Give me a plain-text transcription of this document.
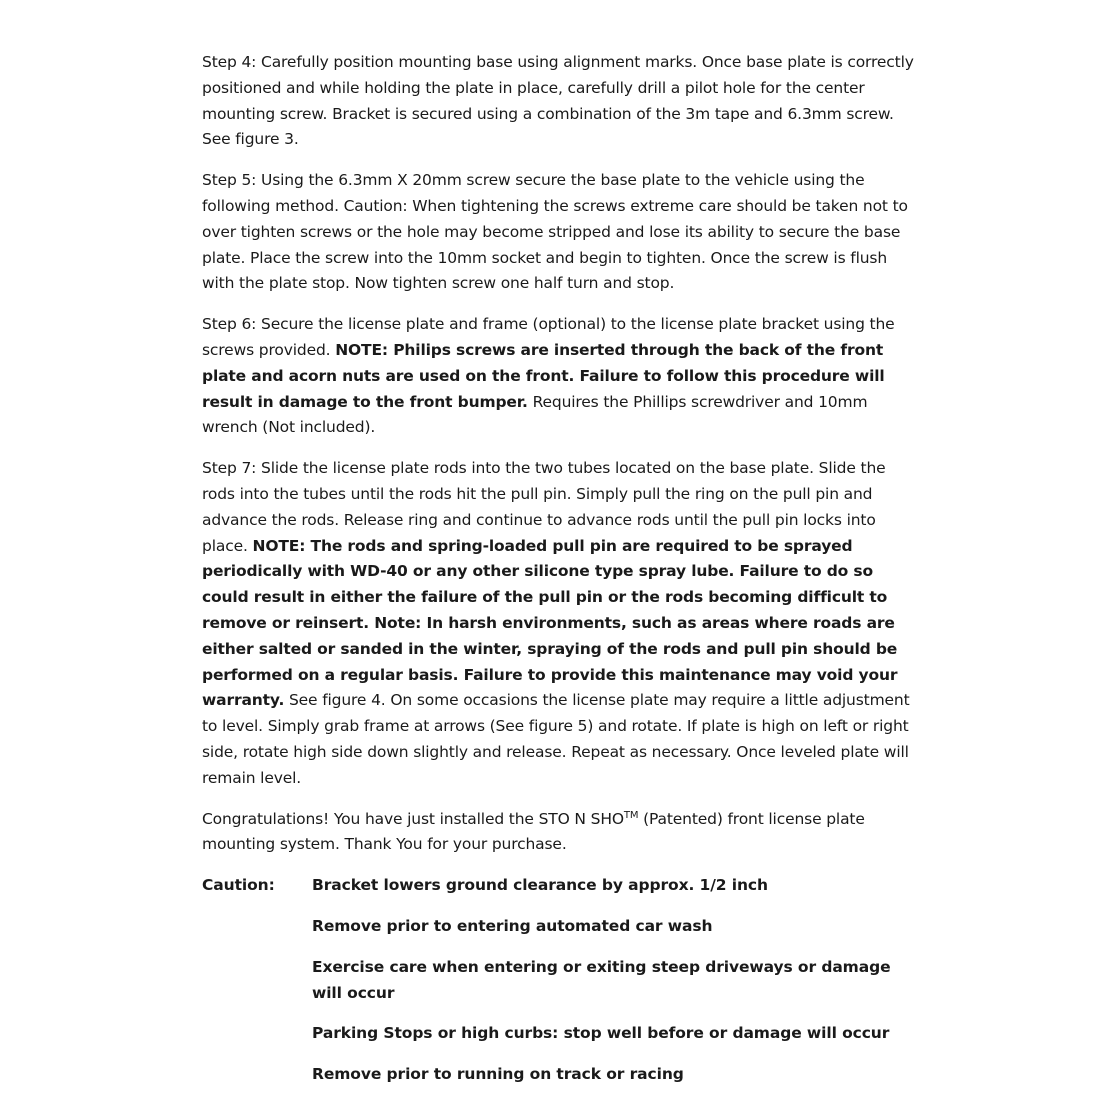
Step 4: Carefully position mounting base using alignment marks. Once base plate is correctly positioned and while holding the plate in place, carefully drill a pilot hole for the center mounting screw. Bracket is secured using a combination of the 3m tape and 6.3mm screw. See figure 3.

Step 5: Using the 6.3mm X 20mm screw secure the base plate to the vehicle using the following method. Caution: When tightening the screws extreme care should be taken not to over tighten screws or the hole may become stripped and lose its ability to secure the base plate. Place the screw into the 10mm socket and begin to tighten. Once the screw is flush with the plate stop. Now tighten screw one half turn and stop.

Step 6: Secure the license plate and frame (optional) to the license plate bracket using the screws provided. NOTE: Philips screws are inserted through the back of the front plate and acorn nuts are used on the front. Failure to follow this procedure will result in damage to the front bumper. Requires the Phillips screwdriver and 10mm wrench (Not included).

Step 7: Slide the license plate rods into the two tubes located on the base plate. Slide the rods into the tubes until the rods hit the pull pin. Simply pull the ring on the pull pin and advance the rods. Release ring and continue to advance rods until the pull pin locks into place. NOTE: The rods and spring-loaded pull pin are required to be sprayed periodically with WD-40 or any other silicone type spray lube. Failure to do so could result in either the failure of the pull pin or the rods becoming difficult to remove or reinsert. Note: In harsh environments, such as areas where roads are either salted or sanded in the winter, spraying of the rods and pull pin should be performed on a regular basis. Failure to provide this maintenance may void your warranty. See figure 4. On some occasions the license plate may require a little adjustment to level. Simply grab frame at arrows (See figure 5) and rotate. If plate is high on left or right side, rotate high side down slightly and release. Repeat as necessary. Once leveled plate will remain level.

Congratulations! You have just installed the STO N SHO™ (Patented) front license plate mounting system. Thank You for your purchase.

Caution:	Bracket lowers ground clearance by approx. 1/2 inch
Remove prior to entering automated car wash
Exercise care when entering or exiting steep driveways or damage will occur
Parking Stops or high curbs: stop well before or damage will occur
Remove prior to running on track or racing
